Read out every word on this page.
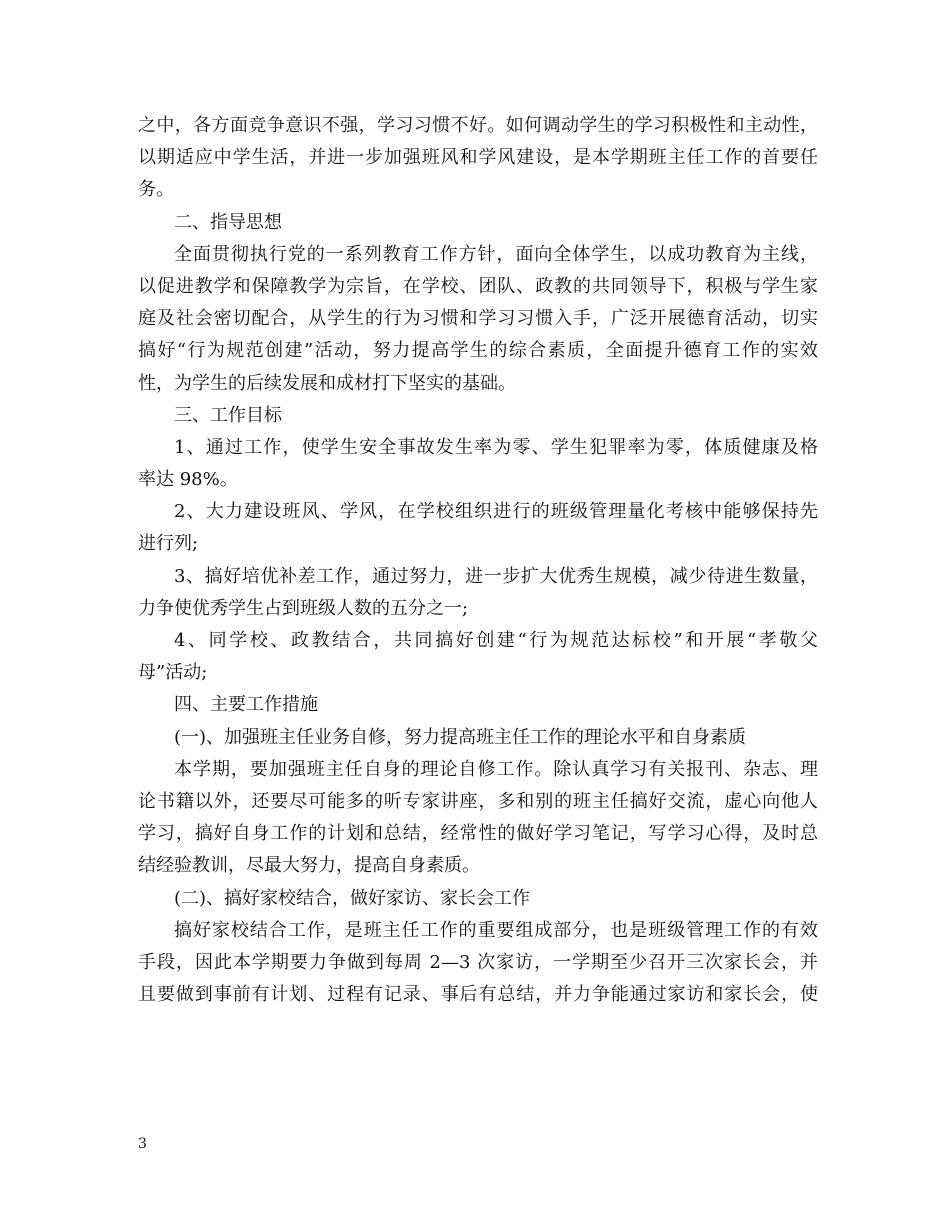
之中，各方面竞争意识不强，学习习惯不好。如何调动学生的学习积极性和主动性，
以期适应中学生活，并进一步加强班风和学风建设，是本学期班主任工作的首要任
务。
二、指导思想
全面贯彻执行党的一系列教育工作方针，面向全体学生，以成功教育为主线，
以促进教学和保障教学为宗旨，在学校、团队、政教的共同领导下，积极与学生家
庭及社会密切配合，从学生的行为习惯和学习习惯入手，广泛开展德育活动，切实
搞好“行为规范创建”活动，努力提高学生的综合素质，全面提升德育工作的实效
性，为学生的后续发展和成材打下坚实的基础。
三、工作目标
1、通过工作，使学生安全事故发生率为零、学生犯罪率为零，体质健康及格
率达 98%。
2、大力建设班风、学风，在学校组织进行的班级管理量化考核中能够保持先
进行列;
3、搞好培优补差工作，通过努力，进一步扩大优秀生规模，减少待进生数量，
力争使优秀学生占到班级人数的五分之一;
4、同学校、政教结合，共同搞好创建“行为规范达标校”和开展“孝敬父
母”活动;
四、主要工作措施
(一)、加强班主任业务自修，努力提高班主任工作的理论水平和自身素质
本学期，要加强班主任自身的理论自修工作。除认真学习有关报刊、杂志、理
论书籍以外，还要尽可能多的听专家讲座，多和别的班主任搞好交流，虚心向他人
学习，搞好自身工作的计划和总结，经常性的做好学习笔记，写学习心得，及时总
结经验教训，尽最大努力，提高自身素质。
(二)、搞好家校结合，做好家访、家长会工作
搞好家校结合工作，是班主任工作的重要组成部分，也是班级管理工作的有效
手段，因此本学期要力争做到每周 2—3 次家访，一学期至少召开三次家长会，并
且要做到事前有计划、过程有记录、事后有总结，并力争能通过家访和家长会，使
3
